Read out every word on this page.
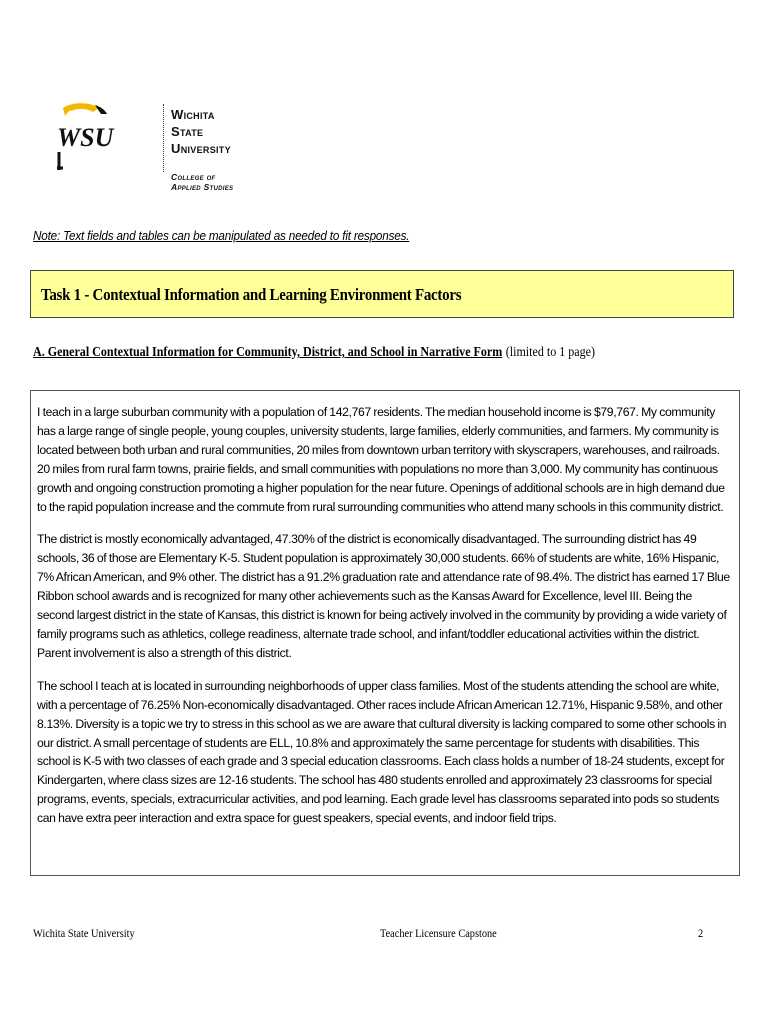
WSU
Wichita State
University
College of Applied Studies
Note: Text fields and tables can be manipulated as needed to fit responses.
Task 1 - Contextual Information and Learning Environment Factors
A. General Contextual Information for Community, District, and School in Narrative Form (limited to 1 page)

I teach in a large suburban community with a population of 142,767 residents. The median household income is $79,767. My community has a large range of single people, young couples, university students, large families, elderly communities, and farmers. My community is located between both urban and rural communities, 20 miles from downtown urban territory with skyscrapers, warehouses, and railroads. 20 miles from rural farm towns, prairie fields, and small communities with populations no more than 3,000. My community has continuous growth and ongoing construction promoting a higher population for the near future. Openings of additional schools are in high demand due to the rapid population increase and the commute from rural surrounding communities who attend many schools in this community district.

The district is mostly economically advantaged, 47.30% of the district is economically disadvantaged. The surrounding district has 49 schools, 36 of those are Elementary K-5. Student population is approximately 30,000 students. 66% of students are white, 16% Hispanic, 7% African American, and 9% other. The district has a 91.2% graduation rate and attendance rate of 98.4%. The district has earned 17 Blue Ribbon school awards and is recognized for many other achievements such as the Kansas Award for Excellence, level III. Being the second largest district in the state of Kansas, this district is known for being actively involved in the community by providing a wide variety of family programs such as athletics, college readiness, alternate trade school, and infant/toddler educational activities within the district. Parent involvement is also a strength of this district.

The school I teach at is located in surrounding neighborhoods of upper class families. Most of the students attending the school are white, with a percentage of 76.25% Non-economically disadvantaged. Other races include African American 12.71%, Hispanic 9.58%, and other 8.13%. Diversity is a topic we try to stress in this school as we are aware that cultural diversity is lacking compared to some other schools in our district. A small percentage of students are ELL, 10.8% and approximately the same percentage for students with disabilities. This school is K-5 with two classes of each grade and 3 special education classrooms. Each class holds a number of 18-24 students, except for Kindergarten, where class sizes are 12-16 students. The school has 480 students enrolled and approximately 23 classrooms for special programs, events, specials, extracurricular activities, and pod learning. Each grade level has classrooms separated into pods so students can have extra peer interaction and extra space for guest speakers, special events, and indoor field trips.

Wichita State University	Teacher Licensure Capstone	2
